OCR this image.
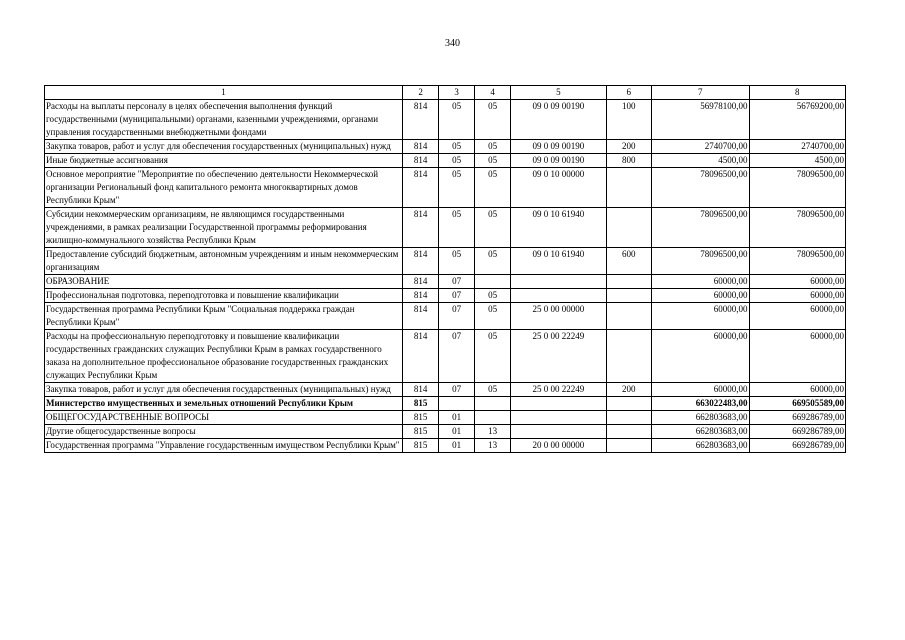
340
1	2	3	4	5	6	7	8
Расходы на выплаты персоналу в целях обеспечения выполнения функций государственными (муниципальными) органами, казенными учреждениями, органами управления государственными внебюджетными фондами	814	05	05	09 0 09 00190	100	56978100,00	56769200,00
Закупка товаров, работ и услуг для обеспечения государственных (муниципальных) нужд	814	05	05	09 0 09 00190	200	2740700,00	2740700,00
Иные бюджетные ассигнования	814	05	05	09 0 09 00190	800	4500,00	4500,00
Основное мероприятие "Мероприятие по обеспечению деятельности Некоммерческой организации Региональный фонд капитального ремонта многоквартирных домов Республики Крым"	814	05	05	09 0 10 00000		78096500,00	78096500,00
Субсидии некоммерческим организациям, не являющимся государственными учреждениями, в рамках реализации Государственной программы реформирования жилищно-коммунального хозяйства Республики Крым	814	05	05	09 0 10 61940		78096500,00	78096500,00
Предоставление субсидий бюджетным, автономным учреждениям и иным некоммерческим организациям	814	05	05	09 0 10 61940	600	78096500,00	78096500,00
ОБРАЗОВАНИЕ	814	07				60000,00	60000,00
Профессиональная подготовка, переподготовка и повышение квалификации	814	07	05			60000,00	60000,00
Государственная программа Республики Крым "Социальная поддержка граждан Республики Крым"	814	07	05	25 0 00 00000		60000,00	60000,00
Расходы на профессиональную переподготовку и повышение квалификации государственных гражданских служащих Республики Крым в рамках государственного заказа на дополнительное профессиональное образование государственных гражданских служащих Республики Крым	814	07	05	25 0 00 22249		60000,00	60000,00
Закупка товаров, работ и услуг для обеспечения государственных (муниципальных) нужд	814	07	05	25 0 00 22249	200	60000,00	60000,00
Министерство имущественных и земельных отношений Республики Крым	815					663022483,00	669505589,00
ОБЩЕГОСУДАРСТВЕННЫЕ ВОПРОСЫ	815	01				662803683,00	669286789,00
Другие общегосударственные вопросы	815	01	13			662803683,00	669286789,00
Государственная программа "Управление государственным имуществом Республики Крым"	815	01	13	20 0 00 00000		662803683,00	669286789,00
